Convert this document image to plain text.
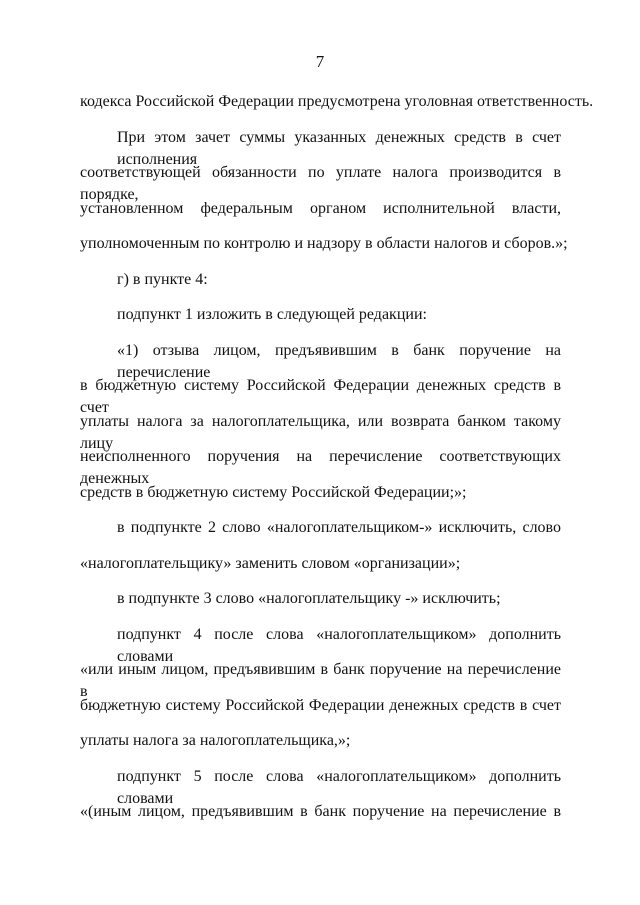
7
кодекса Российской Федерации предусмотрена уголовная ответственность.
При этом зачет суммы указанных денежных средств в счет исполнения
соответствующей обязанности по уплате налога производится в порядке,
установленном федеральным органом исполнительной власти,
уполномоченным по контролю и надзору в области налогов и сборов.»;
г) в пункте 4:
подпункт 1 изложить в следующей редакции:
«1) отзыва лицом, предъявившим в банк поручение на перечисление
в бюджетную систему Российской Федерации денежных средств в счет
уплаты налога за налогоплательщика, или возврата банком такому лицу
неисполненного поручения на перечисление соответствующих денежных
средств в бюджетную систему Российской Федерации;»;
в подпункте 2 слово «налогоплательщиком-» исключить, слово
«налогоплательщику» заменить словом «организации»;
в подпункте 3 слово «налогоплательщику -» исключить;
подпункт 4 после слова «налогоплательщиком» дополнить словами
«или иным лицом, предъявившим в банк поручение на перечисление в
бюджетную систему Российской Федерации денежных средств в счет
уплаты налога за налогоплательщика,»;
подпункт 5 после слова «налогоплательщиком» дополнить словами
«(иным лицом, предъявившим в банк поручение на перечисление в
